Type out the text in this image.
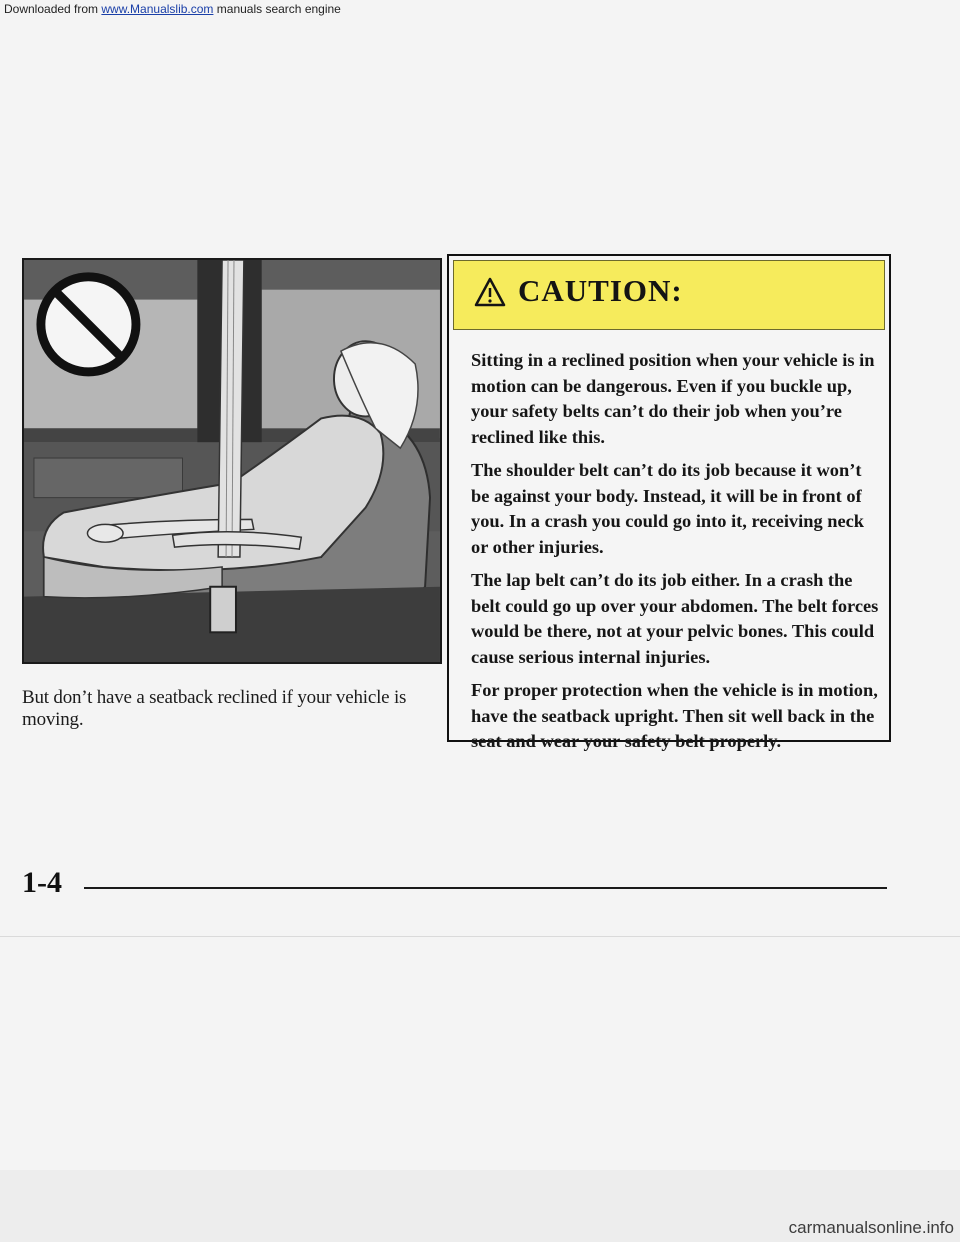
Downloaded from www.Manualslib.com manuals search engine
But don’t have a seatback reclined if your vehicle is moving.
CAUTION:

Sitting in a reclined position when your vehicle is in motion can be dangerous. Even if you buckle up, your safety belts can’t do their job when you’re reclined like this.

The shoulder belt can’t do its job because it won’t be against your body. Instead, it will be in front of you. In a crash you could go into it, receiving neck or other injuries.

The lap belt can’t do its job either. In a crash the belt could go up over your abdomen. The belt forces would be there, not at your pelvic bones. This could cause serious internal injuries.

For proper protection when the vehicle is in motion, have the seatback upright. Then sit well back in the seat and wear your safety belt properly.

1-4
carmanualsonline.info
